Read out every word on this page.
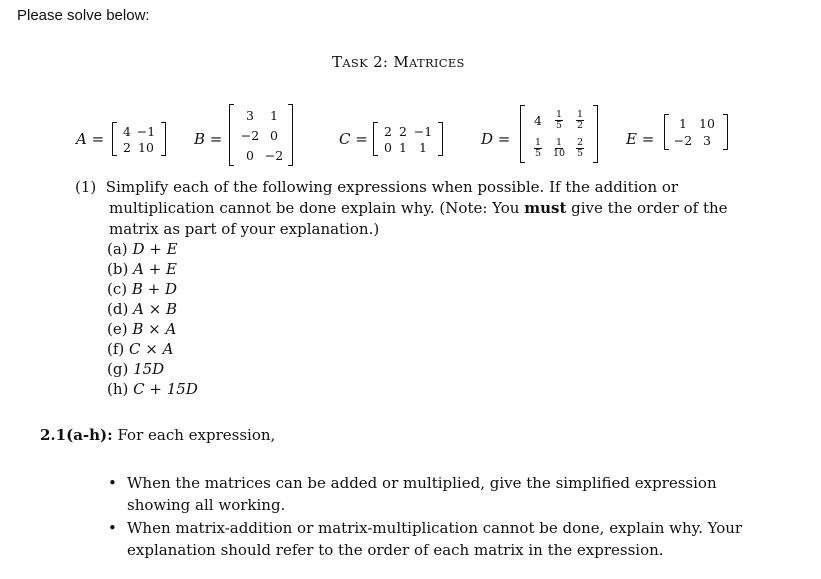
Please solve below:
TASK 2: MATRICES
A = 4 −1
2 10	B =
3	1
−2 0
0 −2
C = 2 2 −1
0 1 1	D =
4	$\frac{1}{5} \frac{1}{2}$
$\frac{1}{5} \frac{1}{10} \frac{2}{5}$	E =
1 10
−2 3
(1) Simplify each of the following expressions when possible. If the addition or multiplication cannot be done explain why. (Note: You must give the order of the matrix as part of your explanation.)
(a) D + E
(b) A + E
(c) B + D
(d) A × B
(e) B × A
(f) C × A
(g) 15D
(h) C + 15D
2.1(a-h): For each expression,
• When the matrices can be added or multiplied, give the simplified expression showing all working.
• When matrix-addition or matrix-multiplication cannot be done, explain why. Your explanation should refer to the order of each matrix in the expression.
